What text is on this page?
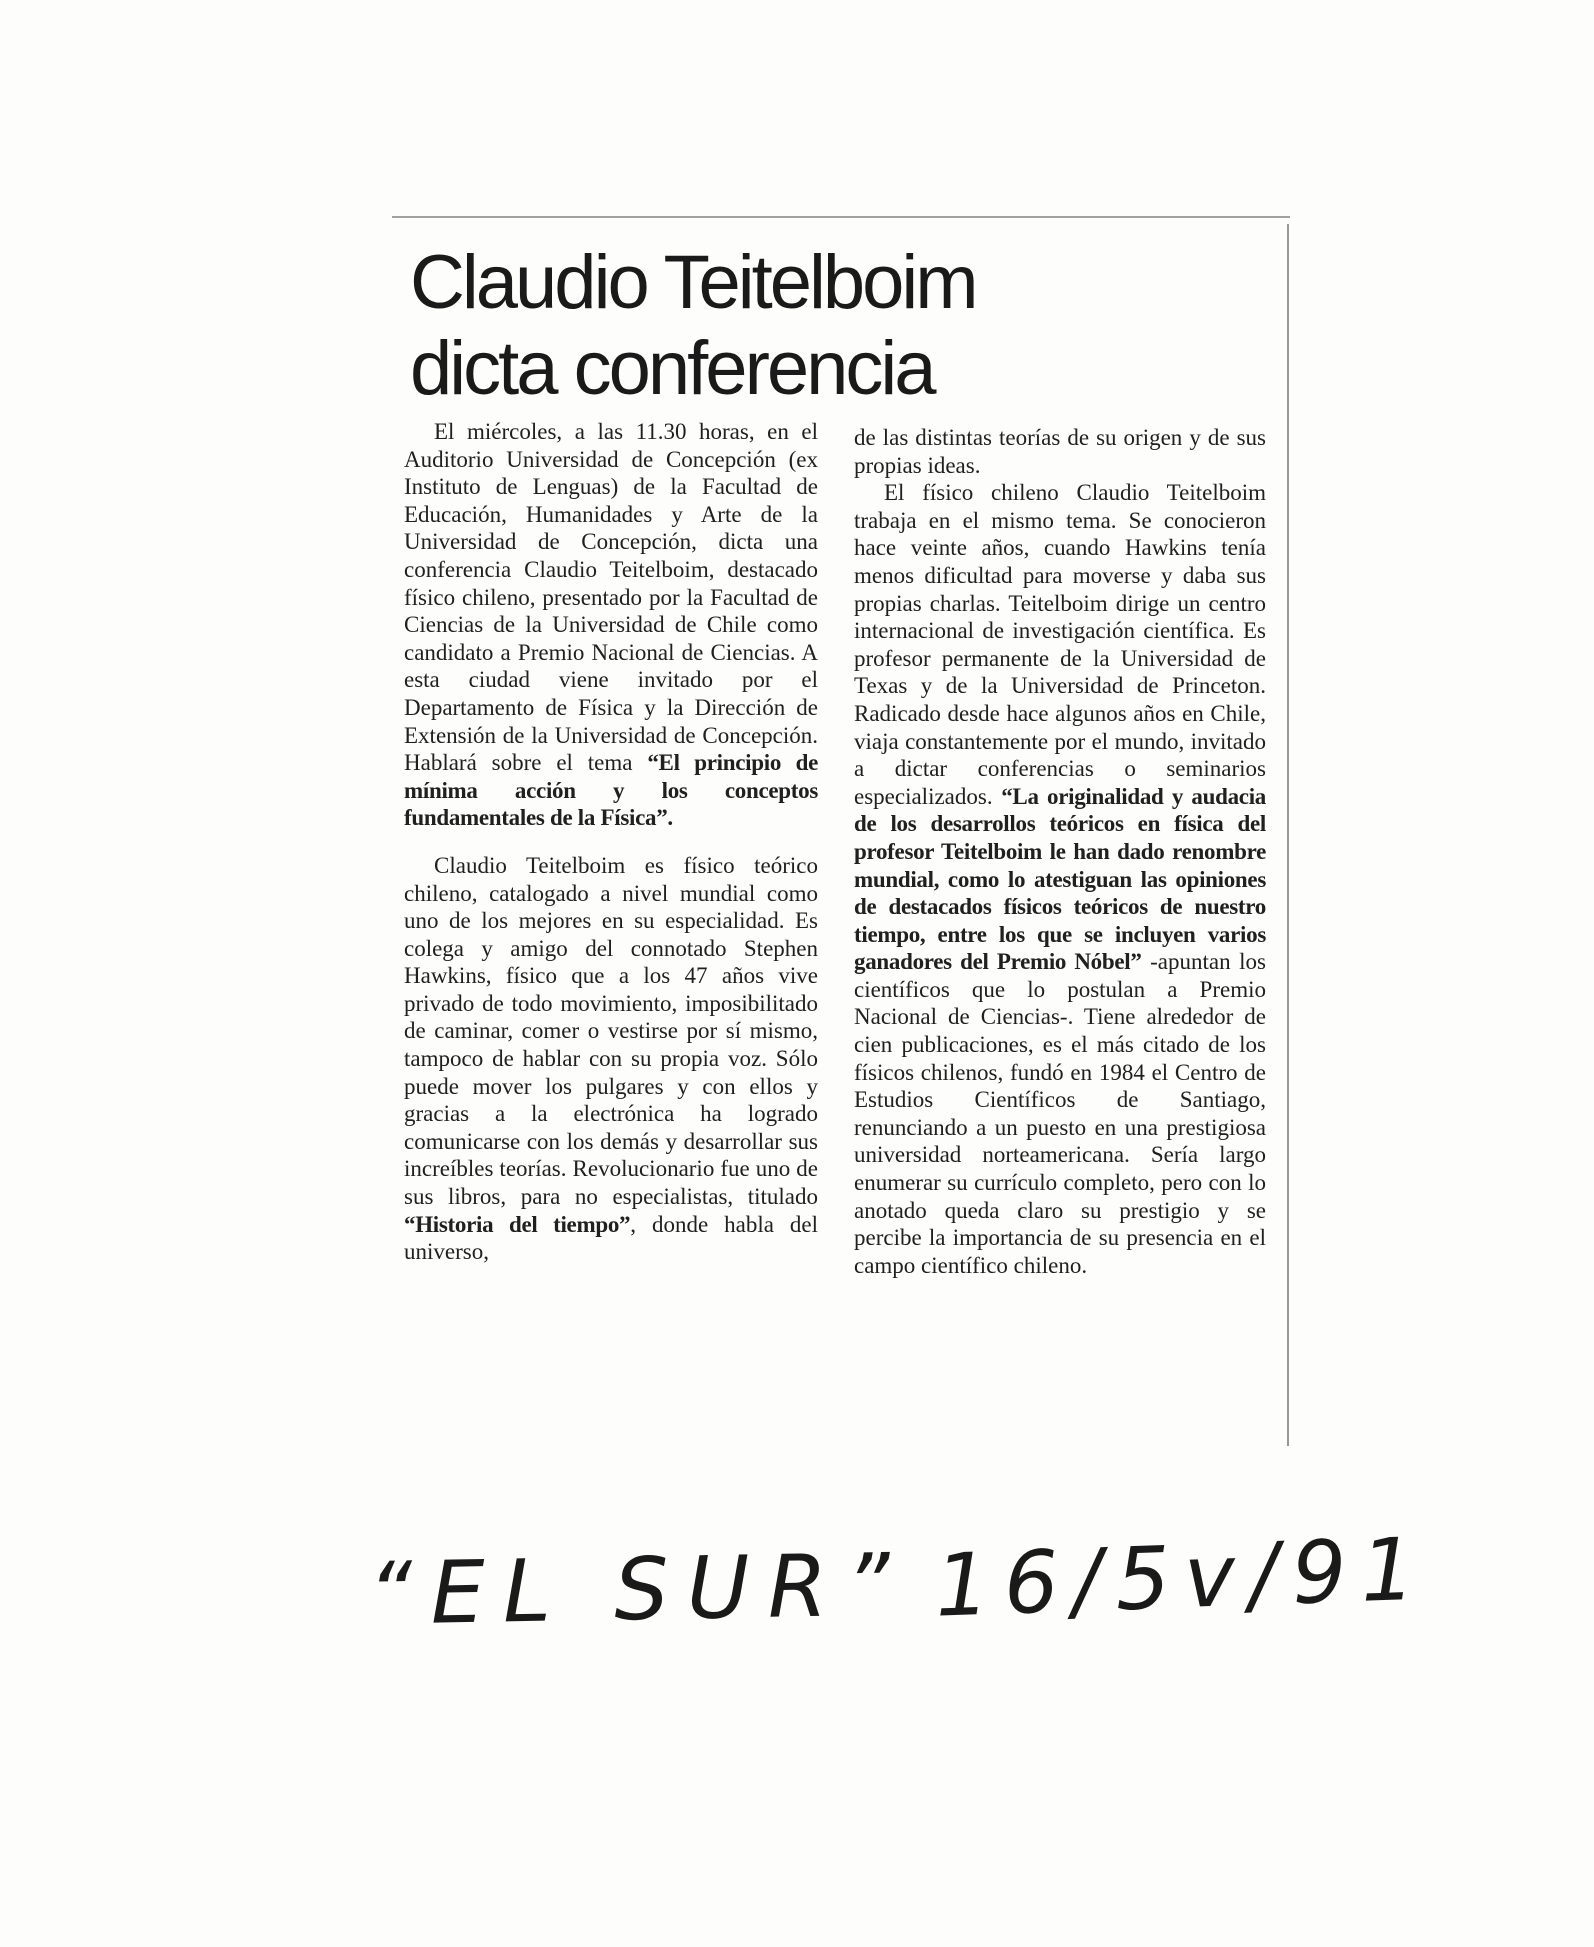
Claudio Teitelboim
dicta conferencia

El miércoles, a las 11.30 horas, en el Auditorio Universidad de Concepción (ex Instituto de Lenguas) de la Facultad de Educación, Humanidades y Arte de la Universidad de Concepción, dicta una conferencia Claudio Teitelboim, destacado físico chileno, presentado por la Facultad de Ciencias de la Universidad de Chile como candidato a Premio Nacional de Ciencias. A esta ciudad viene invitado por el Departamento de Física y la Dirección de Extensión de la Universidad de Concepción. Hablará sobre el tema “El principio de mínima acción y los conceptos fundamentales de la Física”.

Claudio Teitelboim es físico teórico chileno, catalogado a nivel mundial como uno de los mejores en su especialidad. Es colega y amigo del connotado Stephen Hawkins, físico que a los 47 años vive privado de todo movimiento, imposibilitado de caminar, comer o vestirse por sí mismo, tampoco de hablar con su propia voz. Sólo puede mover los pulgares y con ellos y gracias a la electrónica ha logrado comunicarse con los demás y desarrollar sus increíbles teorías. Revolucionario fue uno de sus libros, para no especialistas, titulado “Historia del tiempo”, donde habla del universo,

de las distintas teorías de su origen y de sus propias ideas.

El físico chileno Claudio Teitelboim trabaja en el mismo tema. Se conocieron hace veinte años, cuando Hawkins tenía menos dificultad para moverse y daba sus propias charlas. Teitelboim dirige un centro internacional de investigación científica. Es profesor permanente de la Universidad de Texas y de la Universidad de Princeton. Radicado desde hace algunos años en Chile, viaja constantemente por el mundo, invitado a dictar conferencias o seminarios especializados. “La originalidad y audacia de los desarrollos teóricos en física del profesor Teitelboim le han dado renombre mundial, como lo atestiguan las opiniones de destacados físicos teóricos de nuestro tiempo, entre los que se incluyen varios ganadores del Premio Nóbel” -apuntan los científicos que lo postulan a Premio Nacional de Ciencias-. Tiene alrededor de cien publicaciones, es el más citado de los físicos chilenos, fundó en 1984 el Centro de Estudios Científicos de Santiago, renunciando a un puesto en una prestigiosa universidad norteamericana. Sería largo enumerar su currículo completo, pero con lo anotado queda claro su prestigio y se percibe la importancia de su presencia en el campo científico chileno.

“EL SUR” 16/5v/91
